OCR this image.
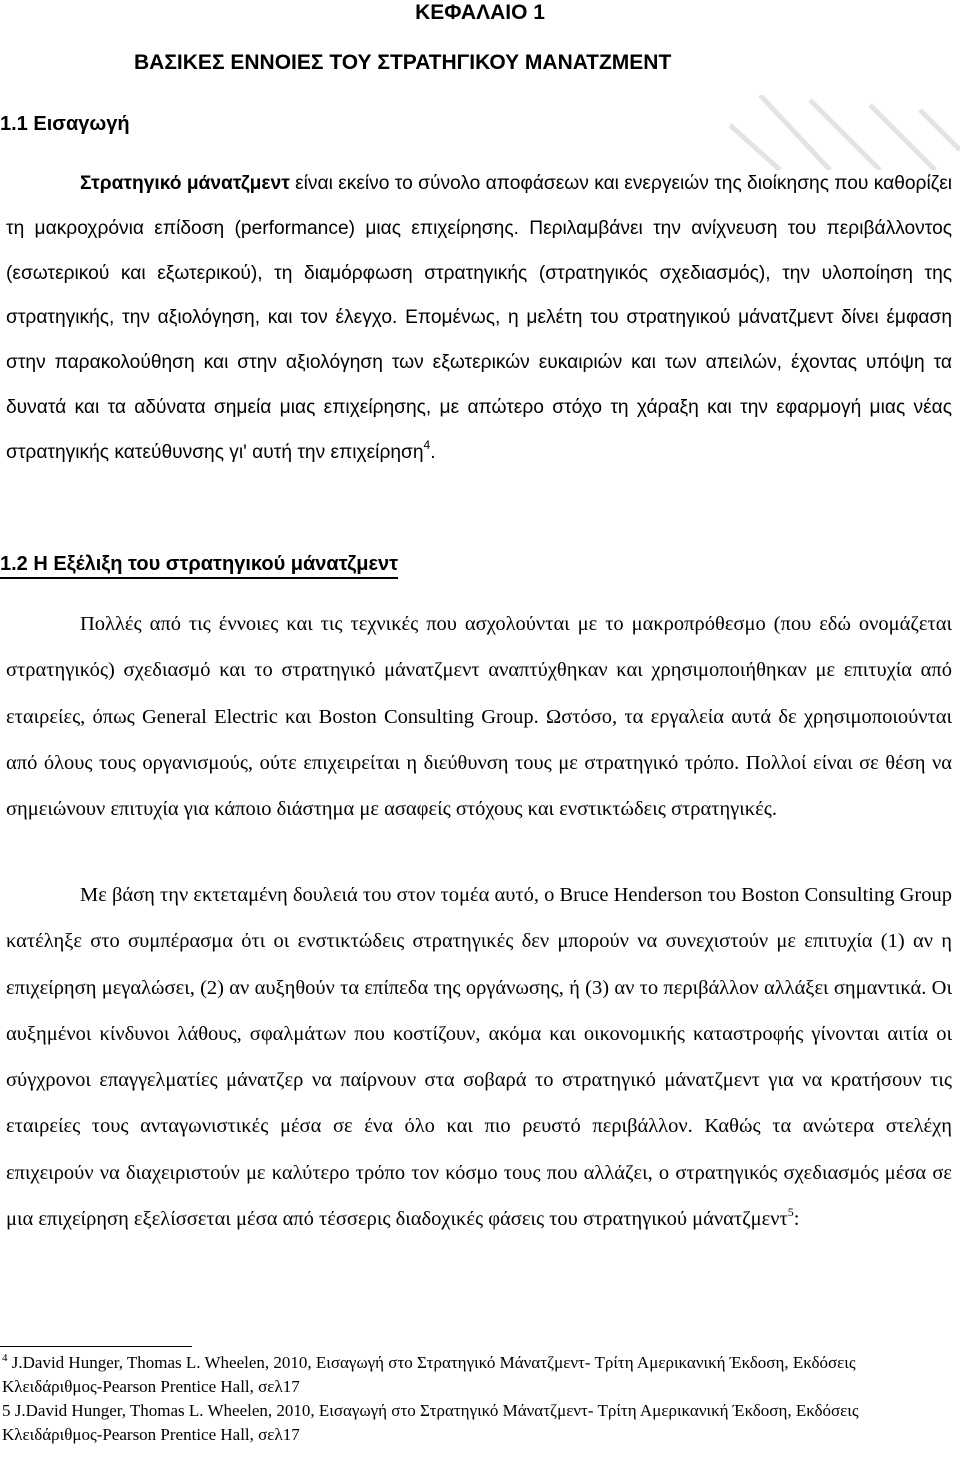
ΚΕΦΑΛΑΙΟ 1
ΒΑΣΙΚΕΣ ΕΝΝΟΙΕΣ ΤΟΥ ΣΤΡΑΤΗΓΙΚΟΥ ΜΑΝΑΤΖΜΕΝΤ
1.1 Εισαγωγή
Στρατηγικό μάνατζμεντ είναι εκείνο το σύνολο αποφάσεων και ενεργειών της διοίκησης που καθορίζει τη μακροχρόνια επίδοση (performance) μιας επιχείρησης. Περιλαμβάνει την ανίχνευση του περιβάλλοντος (εσωτερικού και εξωτερικού), τη διαμόρφωση στρατηγικής (στρατηγικός σχεδιασμός), την υλοποίηση της στρατηγικής, την αξιολόγηση, και τον έλεγχο. Επομένως, η μελέτη του στρατηγικού μάνατζμεντ δίνει έμφαση στην παρακολούθηση και στην αξιολόγηση των εξωτερικών ευκαιριών και των απειλών, έχοντας υπόψη τα δυνατά και τα αδύνατα σημεία μιας επιχείρησης, με απώτερο στόχο τη χάραξη και την εφαρμογή μιας νέας στρατηγικής κατεύθυνσης γι' αυτή την επιχείρηση$^4$.
1.2 Η Εξέλιξη του στρατηγικού μάνατζμεντ
Πολλές από τις έννοιες και τις τεχνικές που ασχολούνται με το μακροπρόθεσμο (που εδώ ονομάζεται στρατηγικός) σχεδιασμό και το στρατηγικό μάνατζμεντ αναπτύχθηκαν και χρησιμοποιήθηκαν με επιτυχία από εταιρείες, όπως General Electric και Boston Consulting Group. Ωστόσο, τα εργαλεία αυτά δε χρησιμοποιούνται από όλους τους οργανισμούς, ούτε επιχειρείται η διεύθυνση τους με στρατηγικό τρόπο. Πολλοί είναι σε θέση να σημειώνουν επιτυχία για κάποιο διάστημα με ασαφείς στόχους και ενστικτώδεις στρατηγικές.
Με βάση την εκτεταμένη δουλειά του στον τομέα αυτό, ο Bruce Henderson του Boston Consulting Group κατέληξε στο συμπέρασμα ότι οι ενστικτώδεις στρατηγικές δεν μπορούν να συνεχιστούν με επιτυχία (1) αν η επιχείρηση μεγαλώσει, (2) αν αυξηθούν τα επίπεδα της οργάνωσης, ή (3) αν το περιβάλλον αλλάξει σημαντικά. Οι αυξημένοι κίνδυνοι λάθους, σφαλμάτων που κοστίζουν, ακόμα και οικονομικής καταστροφής γίνονται αιτία οι σύγχρονοι επαγγελματίες μάνατζερ να παίρνουν στα σοβαρά το στρατηγικό μάνατζμεντ για να κρατήσουν τις εταιρείες τους ανταγωνιστικές μέσα σε ένα όλο και πιο ρευστό περιβάλλον. Καθώς τα ανώτερα στελέχη επιχειρούν να διαχειριστούν με καλύτερο τρόπο τον κόσμο τους που αλλάζει, ο στρατηγικός σχεδιασμός μέσα σε μια επιχείρηση εξελίσσεται μέσα από τέσσερις διαδοχικές φάσεις του στρατηγικού μάνατζμεντ$^5$:

$^4$ J.David Hunger, Thomas L. Wheelen, 2010, Εισαγωγή στο Στρατηγικό Μάνατζμεντ- Τρίτη Αμερικανική Έκδοση, Εκδόσεις Κλειδάριθμος-Pearson Prentice Hall, σελ17

5 J.David Hunger, Thomas L. Wheelen, 2010, Εισαγωγή στο Στρατηγικό Μάνατζμεντ- Τρίτη Αμερικανική Έκδοση, Εκδόσεις Κλειδάριθμος-Pearson Prentice Hall, σελ17
